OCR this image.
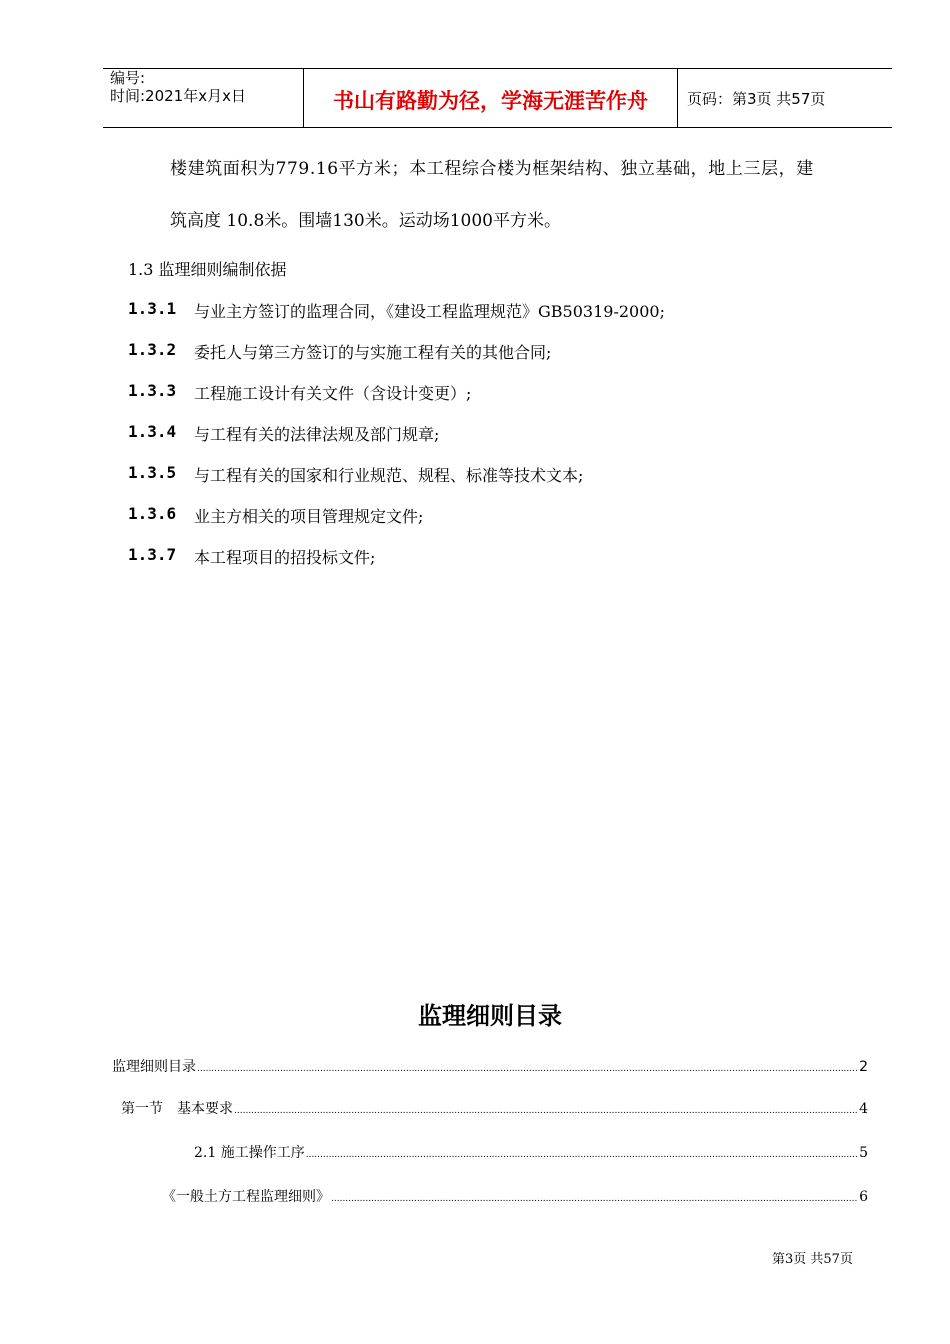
编号:
时间:2021年x月x日	书山有路勤为径，学海无涯苦作舟	页码：第3页 共57页
楼建筑面积为779.16平方米；本工程综合楼为框架结构、独立基础，地上三层，建
筑高度 10.8米。围墙130米。运动场1000平方米。
1.3 监理细则编制依据
1.3.1	与业主方签订的监理合同，《建设工程监理规范》GB50319-2000;
1.3.2	委托人与第三方签订的与实施工程有关的其他合同;
1.3.3	工程施工设计有关文件（含设计变更）;
1.3.4	与工程有关的法律法规及部门规章;
1.3.5	与工程有关的国家和行业规范、规程、标准等技术文本;
1.3.6	业主方相关的项目管理规定文件;
1.3.7	本工程项目的招投标文件;
监理细则目录
监理细则目录 .....	2
第一节　基本要求 .....	4
2.1 施工操作工序 .....	5
《一般土方工程监理细则》 .....	6
第3页 共57页
